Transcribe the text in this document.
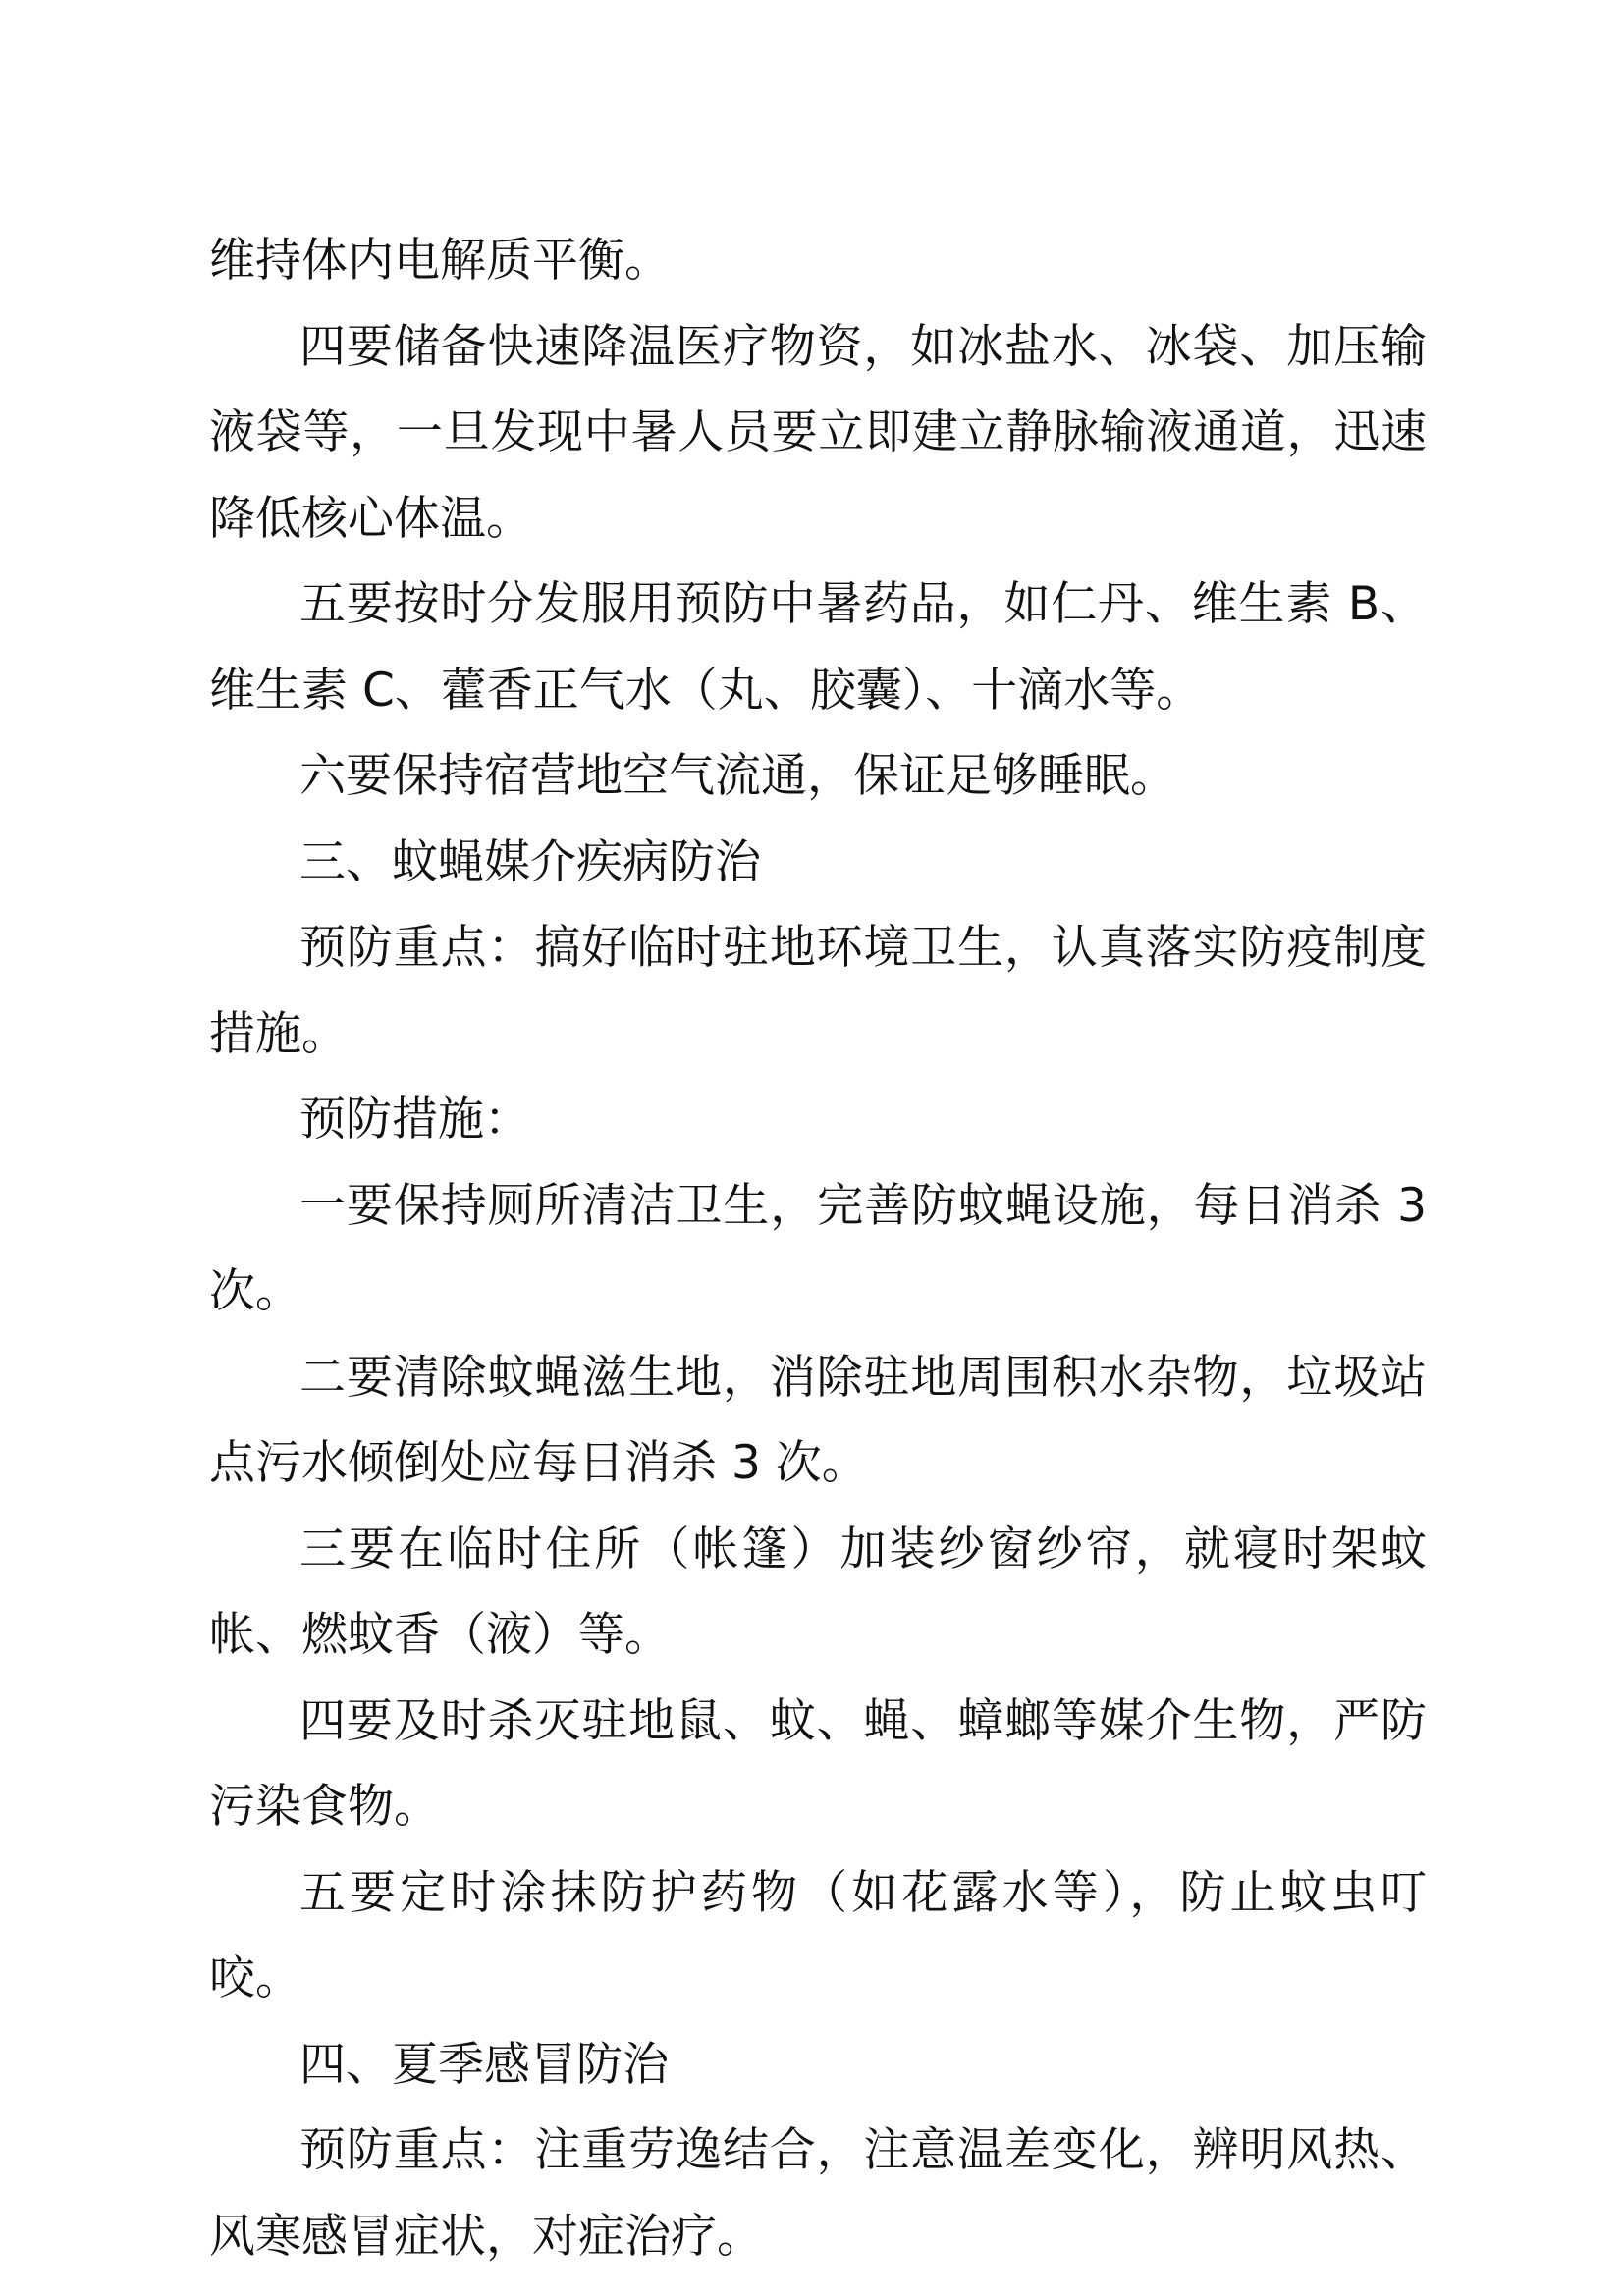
维持体内电解质平衡。

四要储备快速降温医疗物资，如冰盐水、冰袋、加压输液袋等，一旦发现中暑人员要立即建立静脉输液通道，迅速降低核心体温。

五要按时分发服用预防中暑药品，如仁丹、维生素 B、维生素 C、藿香正气水（丸、胶囊）、十滴水等。

六要保持宿营地空气流通，保证足够睡眠。

三、蚊蝇媒介疾病防治

预防重点：搞好临时驻地环境卫生，认真落实防疫制度措施。

预防措施：

一要保持厕所清洁卫生，完善防蚊蝇设施，每日消杀 3 次。

二要清除蚊蝇滋生地，消除驻地周围积水杂物，垃圾站点污水倾倒处应每日消杀 3 次。

三要在临时住所（帐篷）加装纱窗纱帘，就寝时架蚊帐、燃蚊香（液）等。

四要及时杀灭驻地鼠、蚊、蝇、蟑螂等媒介生物，严防污染食物。

五要定时涂抹防护药物（如花露水等），防止蚊虫叮咬。

四、夏季感冒防治

预防重点：注重劳逸结合，注意温差变化，辨明风热、风寒感冒症状，对症治疗。
